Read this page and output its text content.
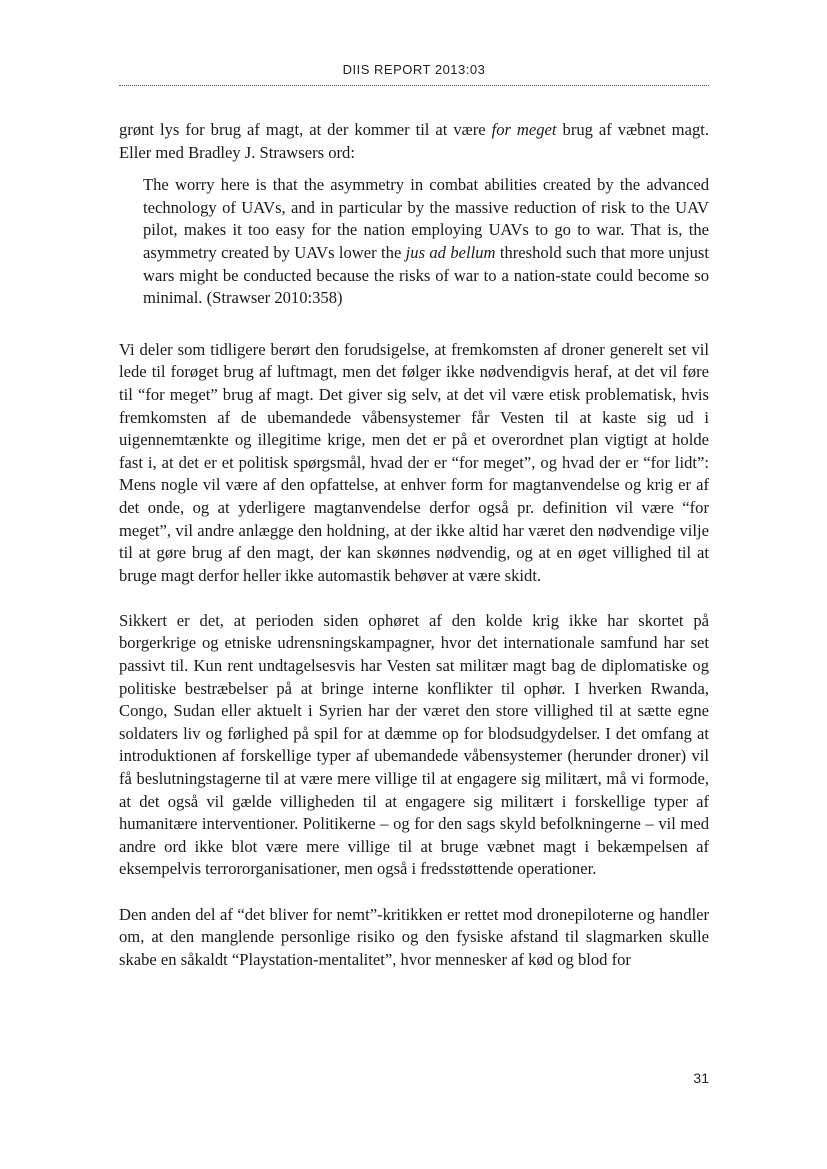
DIIS REPORT 2013:03

grønt lys for brug af magt, at der kommer til at være for meget brug af væbnet magt. Eller med Bradley J. Strawsers ord:

The worry here is that the asymmetry in combat abilities created by the advanced technology of UAVs, and in particular by the massive reduction of risk to the UAV pilot, makes it too easy for the nation employing UAVs to go to war. That is, the asymmetry created by UAVs lower the jus ad bellum threshold such that more unjust wars might be conducted because the risks of war to a nation-state could become so minimal. (Strawser 2010:358)

Vi deler som tidligere berørt den forudsigelse, at fremkomsten af droner generelt set vil lede til forøget brug af luftmagt, men det følger ikke nødvendigvis heraf, at det vil føre til “for meget” brug af magt. Det giver sig selv, at det vil være etisk problematisk, hvis fremkomsten af de ubemandede våbensystemer får Vesten til at kaste sig ud i uigennemtænkte og illegitime krige, men det er på et overordnet plan vigtigt at holde fast i, at det er et politisk spørgsmål, hvad der er “for meget”, og hvad der er “for lidt”: Mens nogle vil være af den opfattelse, at enhver form for magtanvendelse og krig er af det onde, og at yderligere magtanvendelse derfor også pr. definition vil være “for meget”, vil andre anlægge den holdning, at der ikke altid har været den nødvendige vilje til at gøre brug af den magt, der kan skønnes nødvendig, og at en øget villighed til at bruge magt derfor heller ikke automastik behøver at være skidt.

Sikkert er det, at perioden siden ophøret af den kolde krig ikke har skortet på borgerkrige og etniske udrensningskampagner, hvor det internationale samfund har set passivt til. Kun rent undtagelsesvis har Vesten sat militær magt bag de diplomatiske og politiske bestræbelser på at bringe interne konflikter til ophør. I hverken Rwanda, Congo, Sudan eller aktuelt i Syrien har der været den store villighed til at sætte egne soldaters liv og førlighed på spil for at dæmme op for blodsudgydelser. I det omfang at introduktionen af forskellige typer af ubemandede våbensystemer (herunder droner) vil få beslutningstagerne til at være mere villige til at engagere sig militært, må vi formode, at det også vil gælde villigheden til at engagere sig militært i forskellige typer af humanitære interventioner. Politikerne – og for den sags skyld befolkningerne – vil med andre ord ikke blot være mere villige til at bruge væbnet magt i bekæmpelsen af eksempelvis terrororganisationer, men også i fredsstøttende operationer.

Den anden del af “det bliver for nemt”-kritikken er rettet mod dronepiloterne og handler om, at den manglende personlige risiko og den fysiske afstand til slagmarken skulle skabe en såkaldt “Playstation-mentalitet”, hvor mennesker af kød og blod for

31
